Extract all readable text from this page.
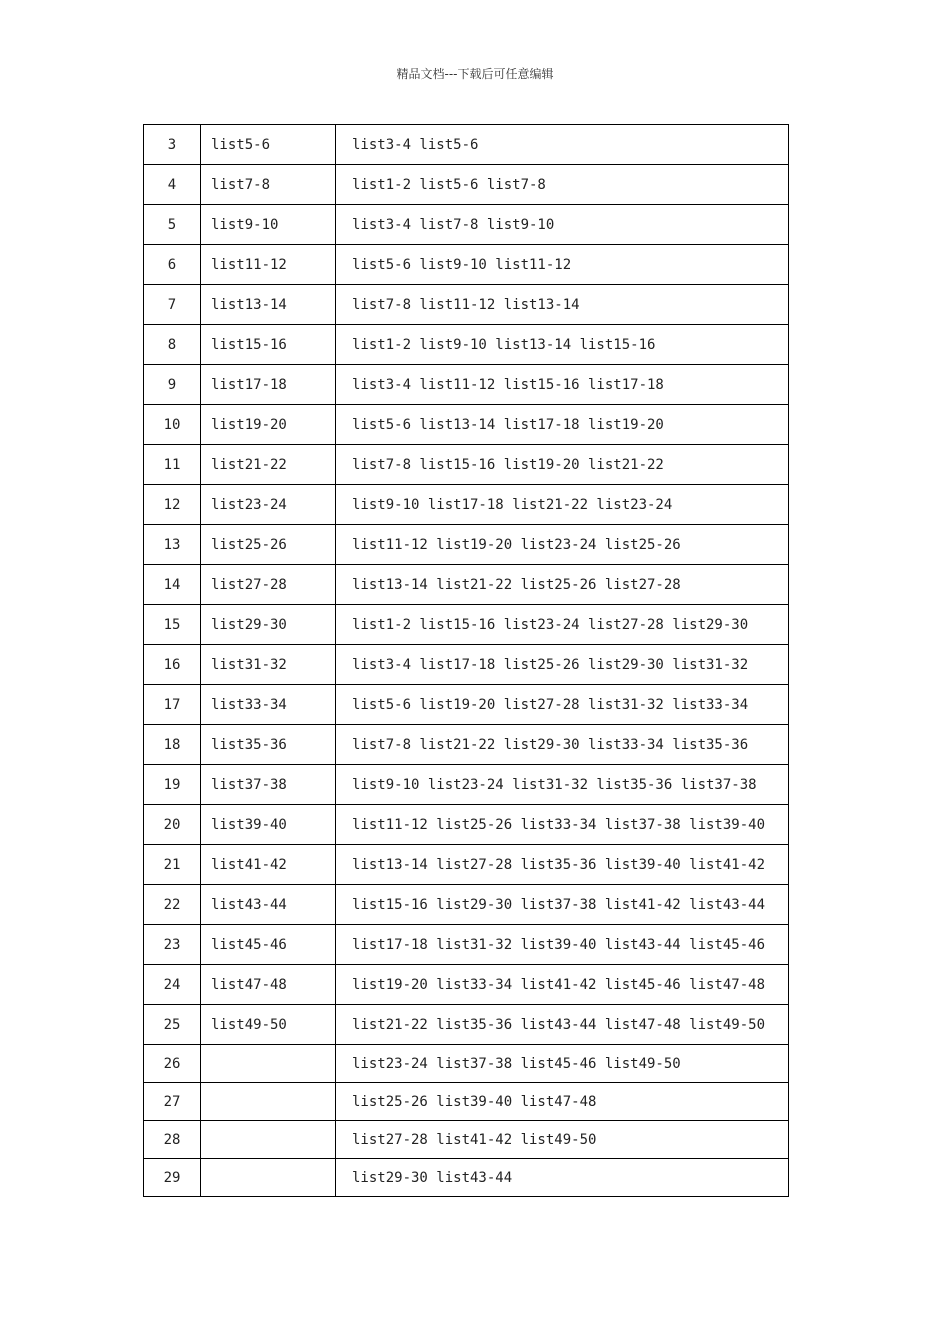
精品文档---下载后可任意编辑
3	list5-6	list3-4 list5-6
4	list7-8	list1-2 list5-6 list7-8
5	list9-10	list3-4 list7-8 list9-10
6	list11-12	list5-6 list9-10 list11-12
7	list13-14	list7-8 list11-12 list13-14
8	list15-16	list1-2 list9-10 list13-14 list15-16
9	list17-18	list3-4 list11-12 list15-16 list17-18
10	list19-20	list5-6 list13-14 list17-18 list19-20
11	list21-22	list7-8 list15-16 list19-20 list21-22
12	list23-24	list9-10 list17-18 list21-22 list23-24
13	list25-26	list11-12 list19-20 list23-24 list25-26
14	list27-28	list13-14 list21-22 list25-26 list27-28
15	list29-30	list1-2 list15-16 list23-24 list27-28 list29-30
16	list31-32	list3-4 list17-18 list25-26 list29-30 list31-32
17	list33-34	list5-6 list19-20 list27-28 list31-32 list33-34
18	list35-36	list7-8 list21-22 list29-30 list33-34 list35-36
19	list37-38	list9-10 list23-24 list31-32 list35-36 list37-38
20	list39-40	list11-12 list25-26 list33-34 list37-38 list39-40
21	list41-42	list13-14 list27-28 list35-36 list39-40 list41-42
22	list43-44	list15-16 list29-30 list37-38 list41-42 list43-44
23	list45-46	list17-18 list31-32 list39-40 list43-44 list45-46
24	list47-48	list19-20 list33-34 list41-42 list45-46 list47-48
25	list49-50	list21-22 list35-36 list43-44 list47-48 list49-50
26		list23-24 list37-38 list45-46 list49-50
27		list25-26 list39-40 list47-48
28		list27-28 list41-42 list49-50
29		list29-30 list43-44
